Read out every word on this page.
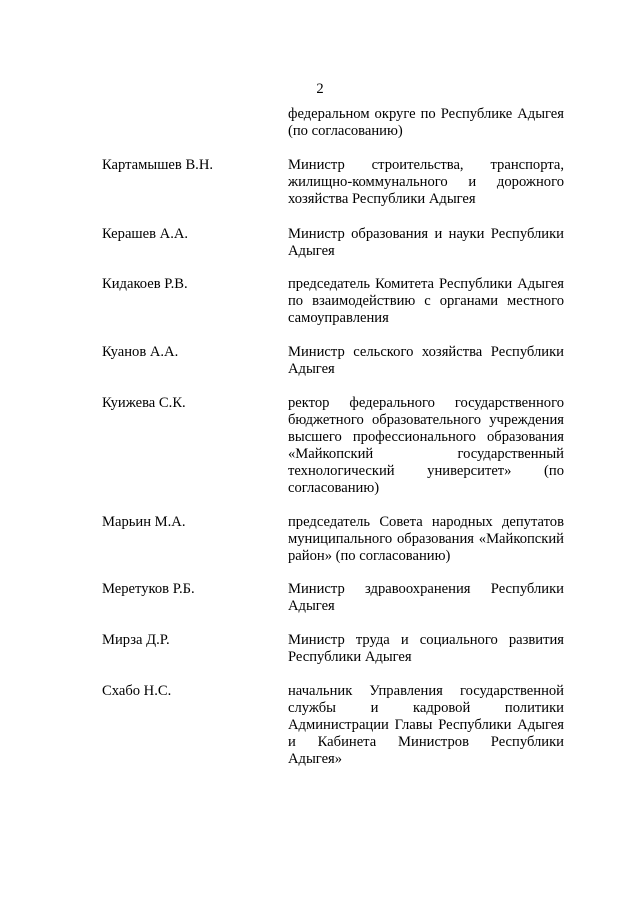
2
федеральном округе по Республике Адыгея
(по согласованию)
Картамышев В.Н.	Министр строительства, транспорта,
жилищно-коммунального и дорожного
хозяйства Республики Адыгея
Керашев А.А.	Министр образования и науки Республики
Адыгея
Кидакоев Р.В.	председатель Комитета Республики Адыгея
по взаимодействию с органами местного
самоуправления
Куанов А.А.	Министр сельского хозяйства Республики
Адыгея
Куижева С.К.	ректор федерального государственного
бюджетного образовательного учреждения
высшего профессионального образования
«Майкопский государственный
технологический университет» (по
согласованию)
Марьин М.А.	председатель Совета народных депутатов
муниципального образования «Майкопский
район» (по согласованию)
Меретуков Р.Б.	Министр здравоохранения Республики
Адыгея
Мирза Д.Р.	Министр труда и социального развития
Республики Адыгея
Схабо Н.С.	начальник Управления государственной
службы и кадровой политики
Администрации Главы Республики Адыгея
и Кабинета Министров Республики
Адыгея»
